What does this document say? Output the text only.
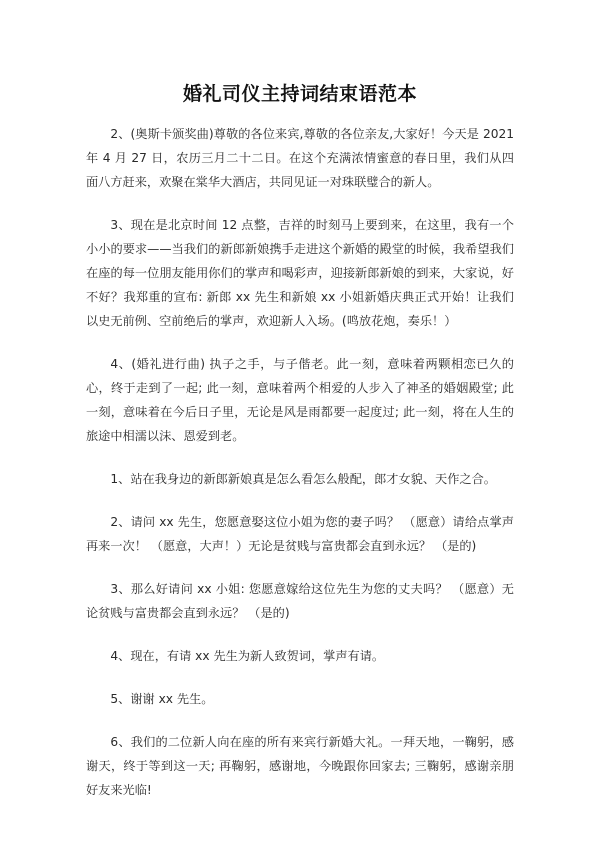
婚礼司仪主持词结束语范本

2、(奥斯卡颁奖曲)尊敬的各位来宾,尊敬的各位亲友,大家好！今天是 2021 年 4 月 27 日，农历三月二十二日。在这个充满浓情蜜意的春日里，我们从四面八方赶来，欢聚在棠华大酒店，共同见证一对珠联璧合的新人。

3、现在是北京时间 12 点整，吉祥的时刻马上要到来，在这里，我有一个小小的要求——当我们的新郎新娘携手走进这个新婚的殿堂的时候，我希望我们在座的每一位朋友能用你们的掌声和喝彩声，迎接新郎新娘的到来，大家说，好不好？我郑重的宣布: 新郎 xx 先生和新娘 xx 小姐新婚庆典正式开始！让我们以史无前例、空前绝后的掌声，欢迎新人入场。(鸣放花炮，奏乐！）

4、(婚礼进行曲) 执子之手，与子偕老。此一刻，意味着两颗相恋已久的心，终于走到了一起; 此一刻，意味着两个相爱的人步入了神圣的婚姻殿堂; 此一刻，意味着在今后日子里，无论是风是雨都要一起度过; 此一刻，将在人生的旅途中相濡以沫、恩爱到老。

1、站在我身边的新郎新娘真是怎么看怎么般配，郎才女貌、天作之合。

2、请问 xx 先生，您愿意娶这位小姐为您的妻子吗？ （愿意）请给点掌声再来一次！ （愿意，大声！）无论是贫贱与富贵都会直到永远？ （是的)

3、那么好请问 xx 小姐: 您愿意嫁给这位先生为您的丈夫吗？ （愿意）无论贫贱与富贵都会直到永远？ （是的)

4、现在，有请 xx 先生为新人致贺词，掌声有请。

5、谢谢 xx 先生。

6、我们的二位新人向在座的所有来宾行新婚大礼。一拜天地，一鞠躬，感谢天，终于等到这一天; 再鞠躬，感谢地，今晚跟你回家去; 三鞠躬，感谢亲朋好友来光临!
